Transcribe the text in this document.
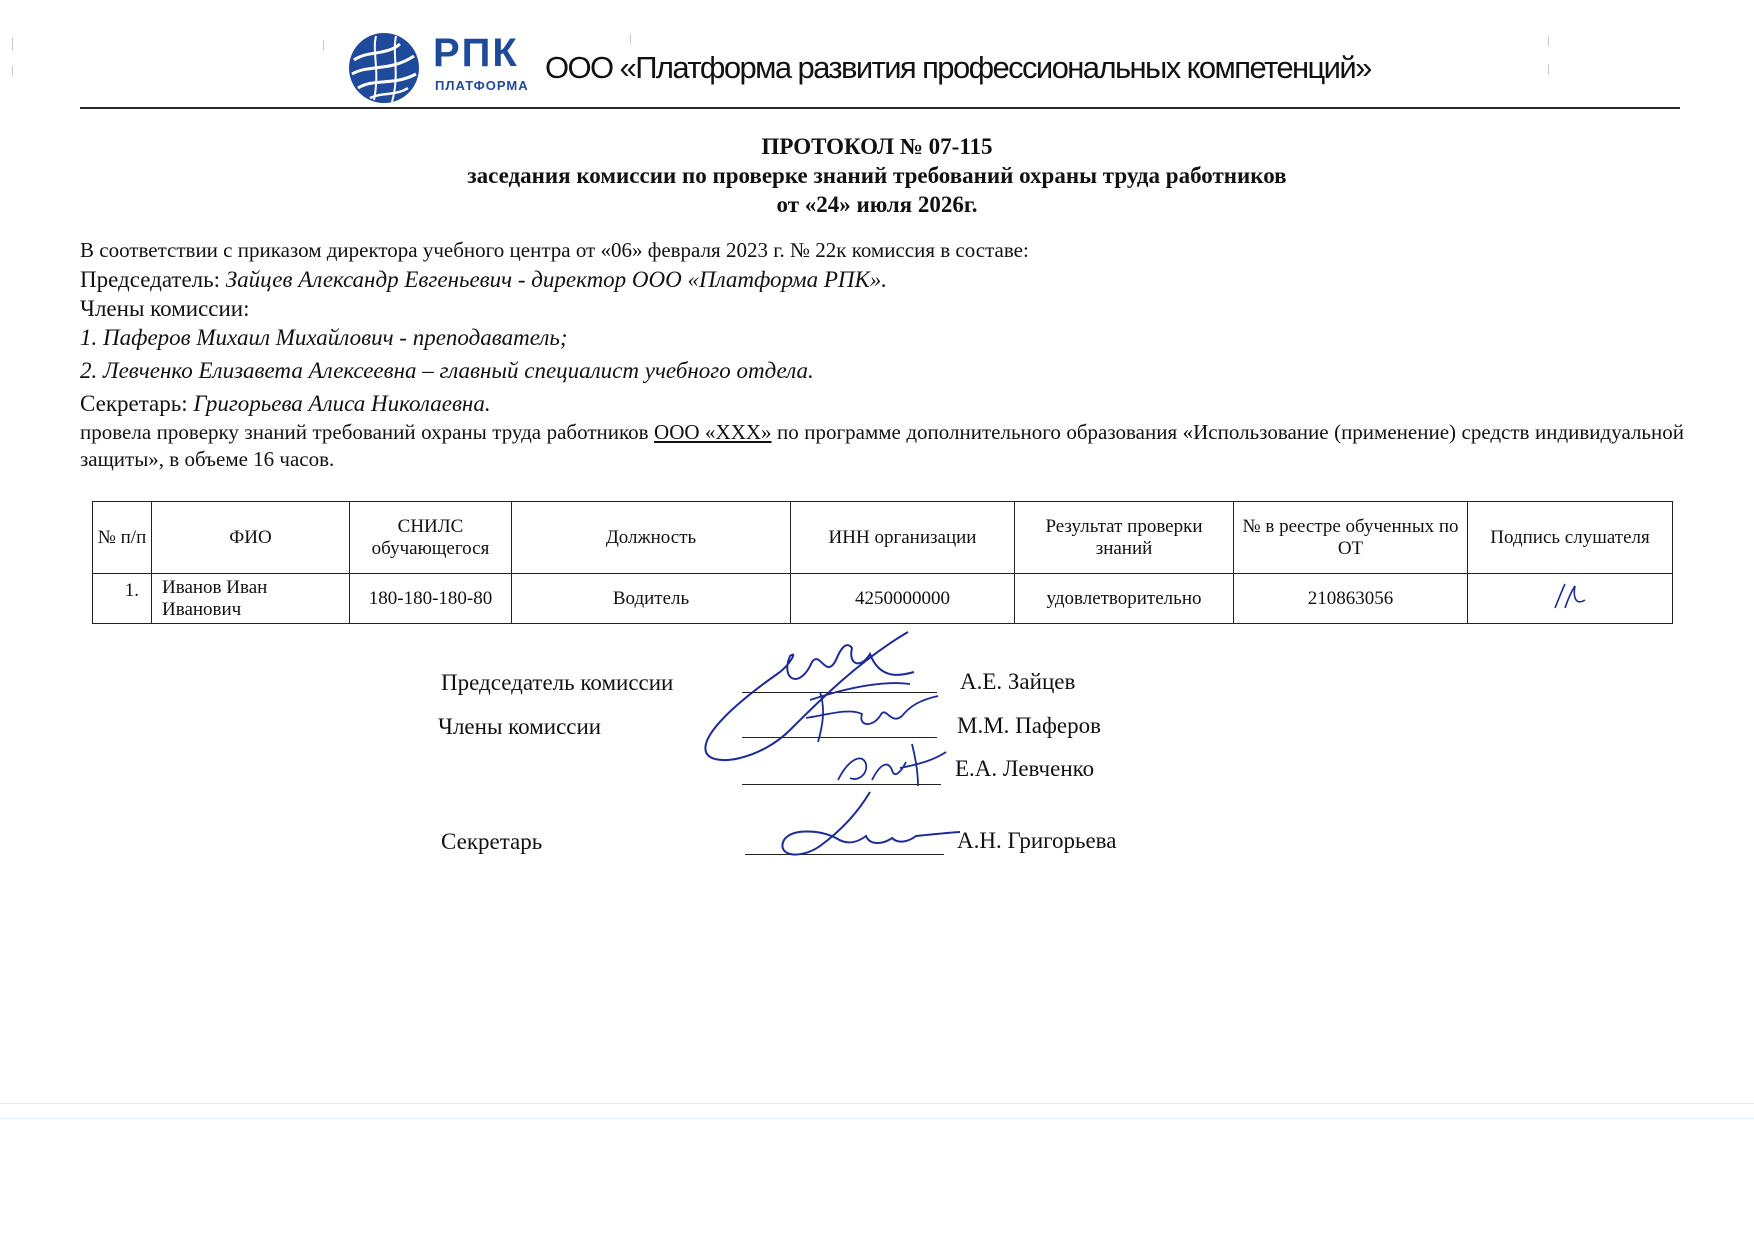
РПК
ПЛАТФОРМА
ООО «Платформа развития профессиональных компетенций»
ПРОТОКОЛ № 07-115
заседания комиссии по проверке знаний требований охраны труда работников
от «24» июля 2026г.
В соответствии с приказом директора учебного центра от «06» февраля 2023 г. № 22к комиссия в составе:
Председатель: Зайцев Александр Евгеньевич - директор ООО «Платформа РПК».
Члены комиссии:
1. Паферов Михаил Михайлович - преподаватель;
2. Левченко Елизавета Алексеевна – главный специалист учебного отдела.
Секретарь: Григорьева Алиса Николаевна.
провела проверку знаний требований охраны труда работников ООО «ХХХ» по программе дополнительного образования «Использование (применение) средств индивидуальной защиты», в объеме 16 часов.
№ п/п	ФИО	СНИЛС обучающегося	Должность	ИНН организации	Результат проверки знаний	№ в реестре обученных по ОТ	Подпись слушателя
1.	Иванов Иван Иванович	180-180-180-80	Водитель	4250000000	удовлетворительно	210863056	
Председатель комиссии	А.Е. Зайцев
Члены комиссии	М.М. Паферов
Е.А. Левченко
Секретарь	А.Н. Григорьева
